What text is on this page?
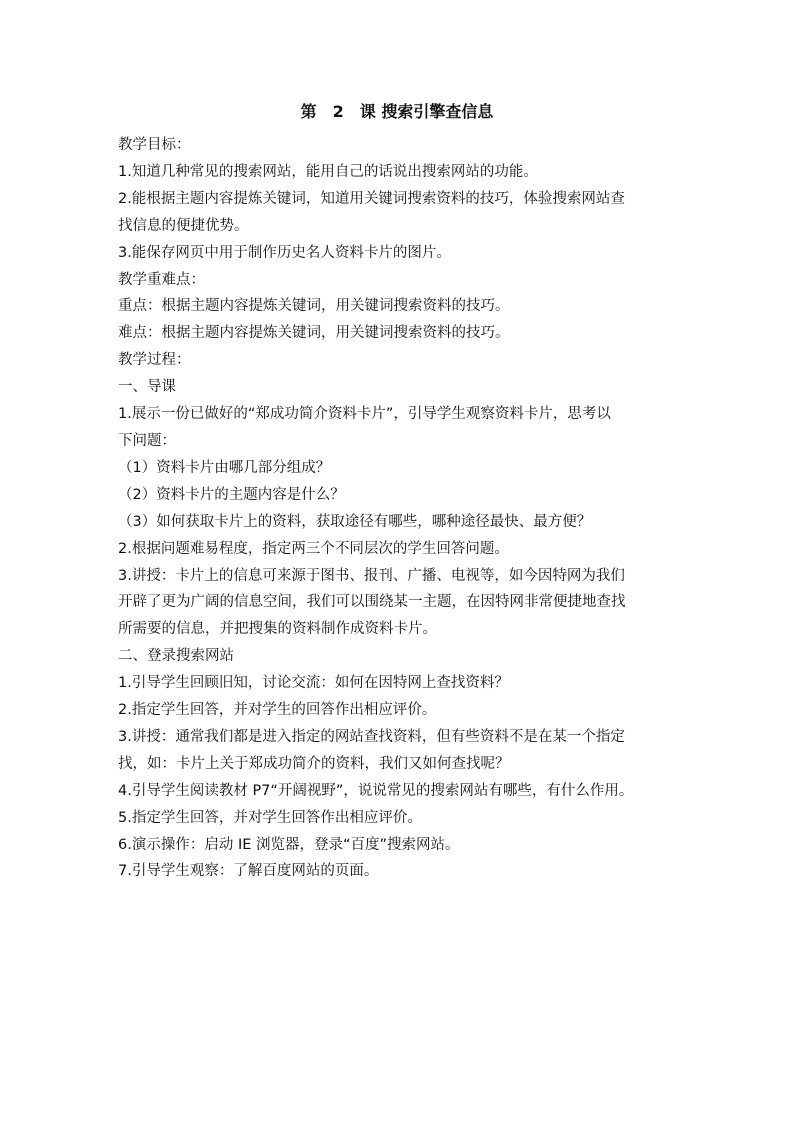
第　2　课 搜索引擎查信息
教学目标：
1.知道几种常见的搜索网站，能用自己的话说出搜索网站的功能。
2.能根据主题内容提炼关键词，知道用关键词搜索资料的技巧，体验搜索网站查
找信息的便捷优势。
3.能保存网页中用于制作历史名人资料卡片的图片。
教学重难点：
重点：根据主题内容提炼关键词，用关键词搜索资料的技巧。
难点：根据主题内容提炼关键词，用关键词搜索资料的技巧。
教学过程：
一、导课
1.展示一份已做好的“郑成功简介资料卡片”，引导学生观察资料卡片，思考以
下问题：
（1）资料卡片由哪几部分组成？
（2）资料卡片的主题内容是什么？
（3）如何获取卡片上的资料，获取途径有哪些，哪种途径最快、最方便？
2.根据问题难易程度，指定两三个不同层次的学生回答问题。
3.讲授：卡片上的信息可来源于图书、报刊、广播、电视等，如今因特网为我们
开辟了更为广阔的信息空间，我们可以围绕某一主题，在因特网非常便捷地查找
所需要的信息，并把搜集的资料制作成资料卡片。
二、登录搜索网站
1.引导学生回顾旧知，讨论交流：如何在因特网上查找资料？
2.指定学生回答，并对学生的回答作出相应评价。
3.讲授：通常我们都是进入指定的网站查找资料，但有些资料不是在某一个指定
找，如：卡片上关于郑成功简介的资料，我们又如何查找呢？
4.引导学生阅读教材 P7“开阔视野”，说说常见的搜索网站有哪些，有什么作用。
5.指定学生回答，并对学生回答作出相应评价。
6.演示操作：启动 IE 浏览器，登录“百度”搜索网站。
7.引导学生观察：了解百度网站的页面。
